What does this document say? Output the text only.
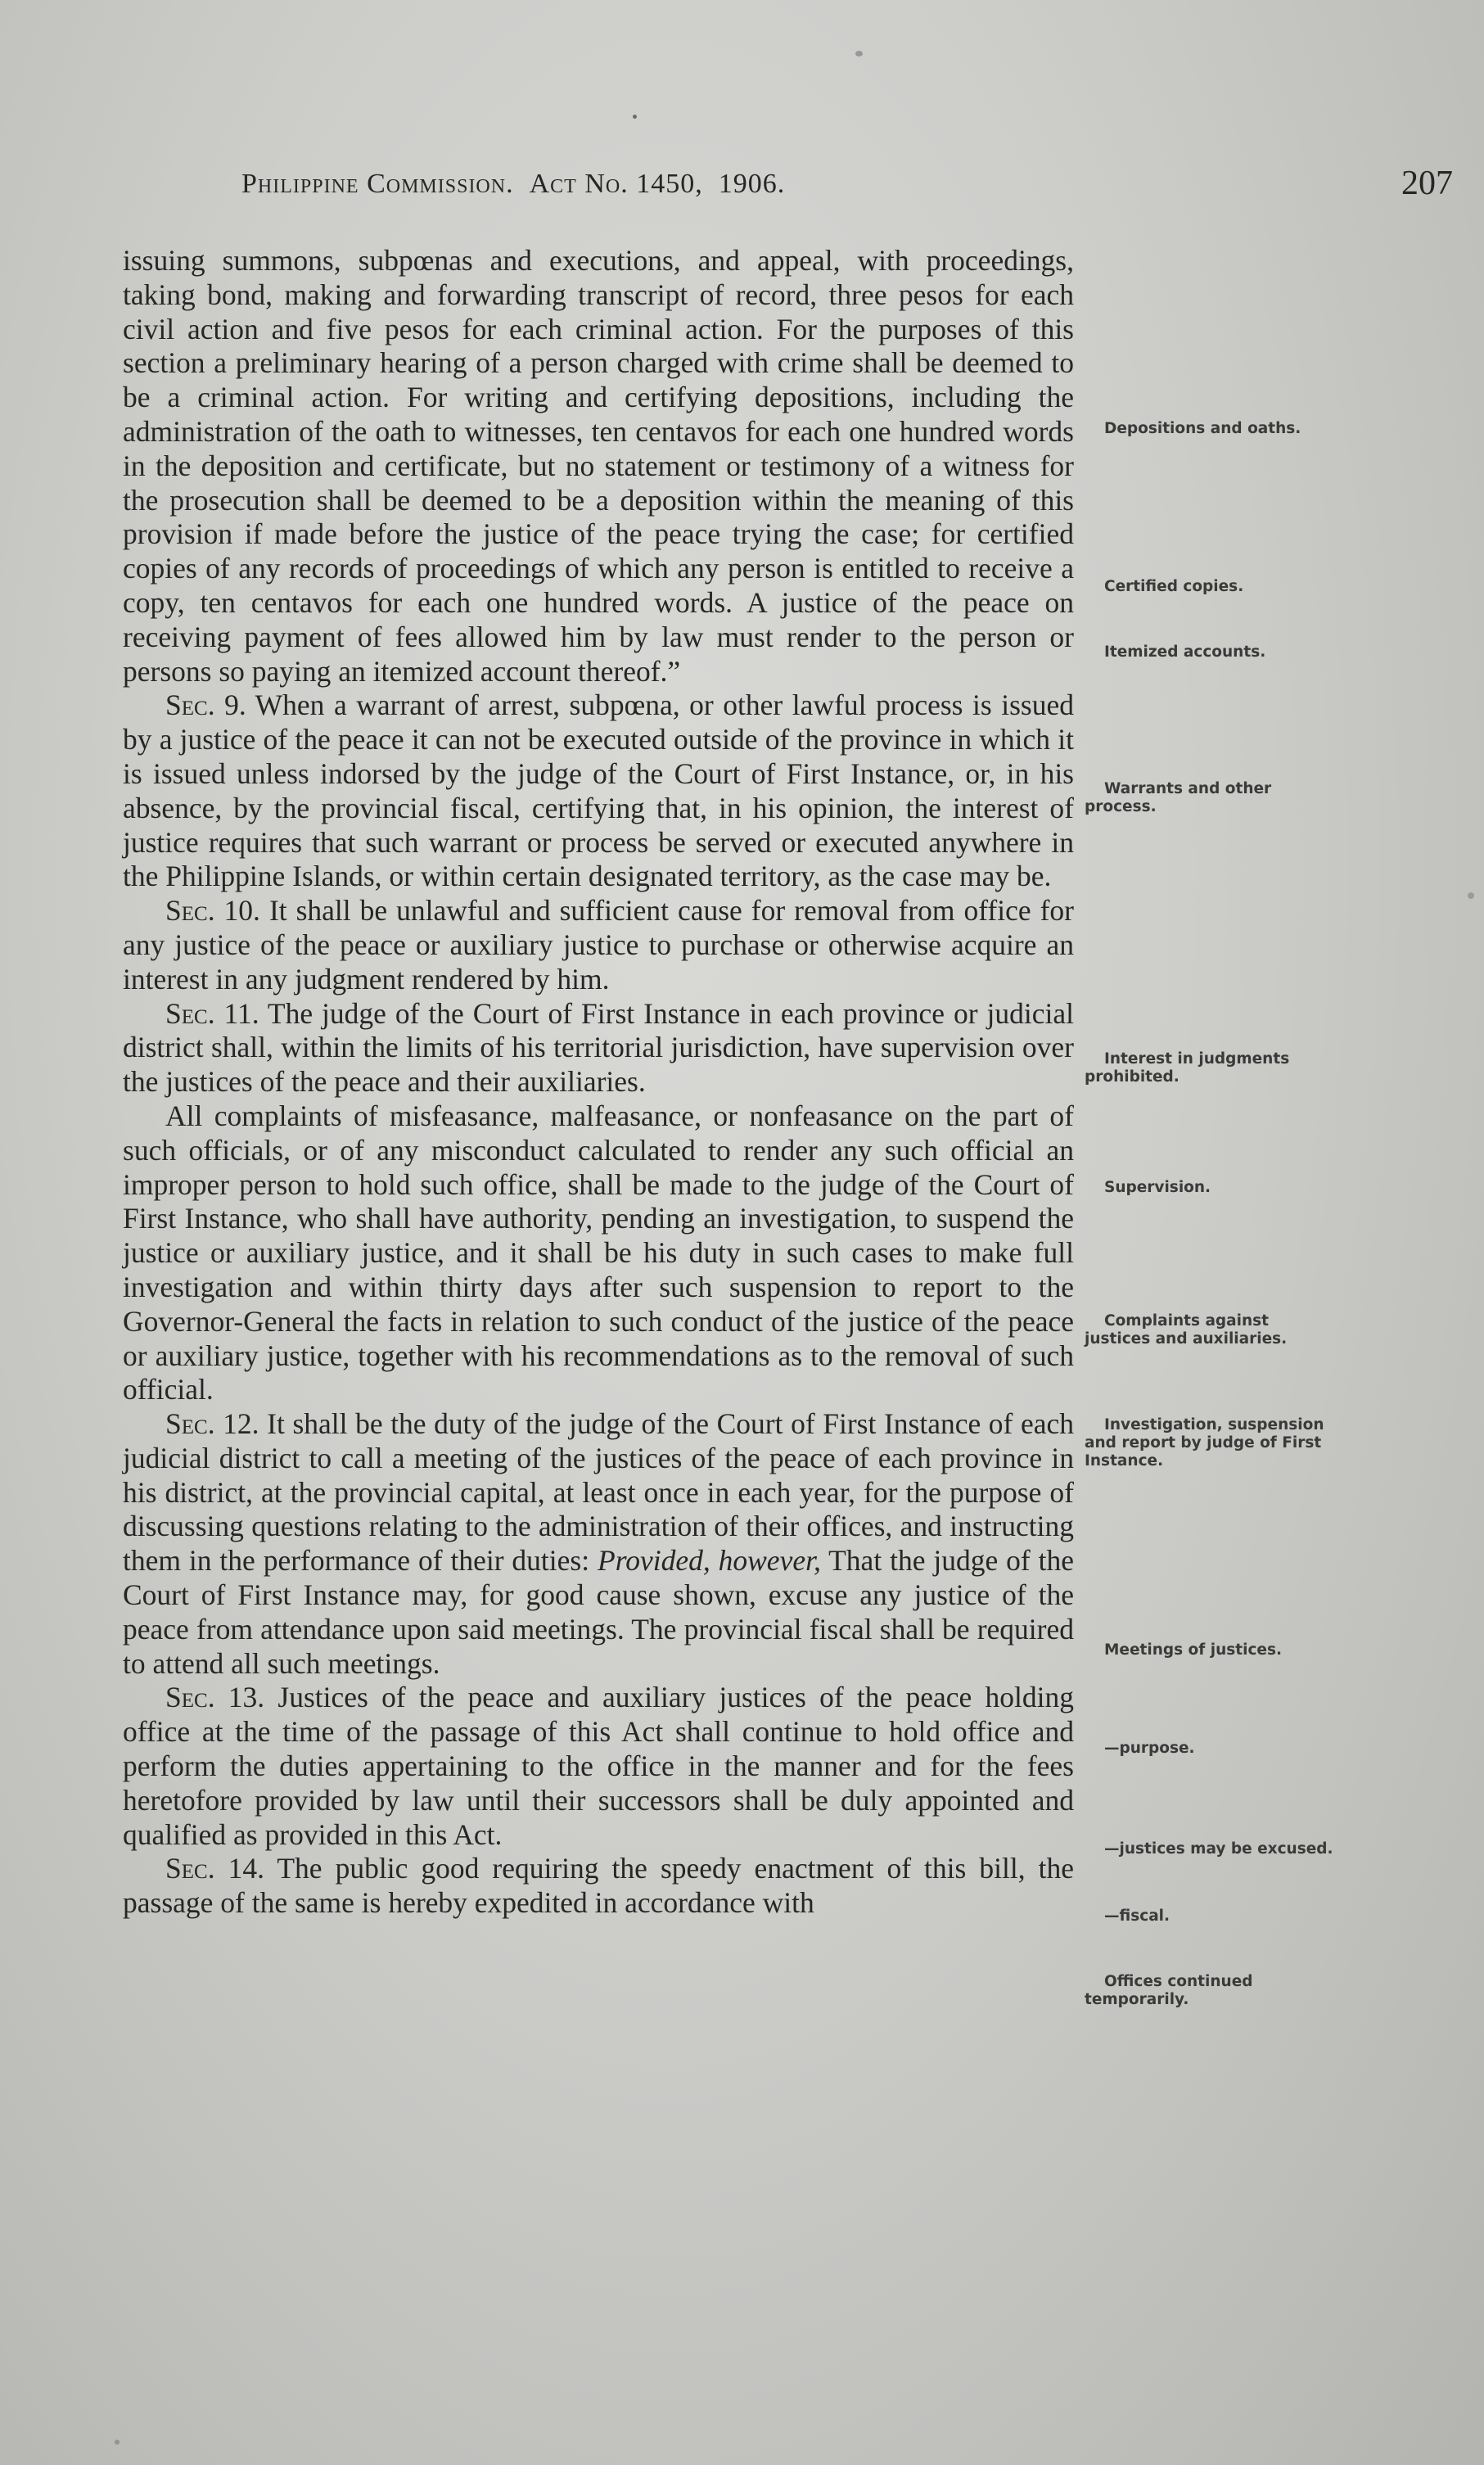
Philippine Commission. Act No. 1450, 1906.	207

issuing summons, subpœnas and executions, and appeal, with proceedings, taking bond, making and forwarding transcript of record, three pesos for each civil action and five pesos for each criminal action. For the purposes of this section a preliminary hearing of a person charged with crime shall be deemed to be a criminal action. For writing and certifying depositions, including the administration of the oath to witnesses, ten centavos for each one hundred words in the deposition and certificate, but no statement or testimony of a witness for the prosecution shall be deemed to be a deposition within the meaning of this provision if made before the justice of the peace trying the case; for certified copies of any records of proceedings of which any person is entitled to receive a copy, ten centavos for each one hundred words. A justice of the peace on receiving payment of fees allowed him by law must render to the person or persons so paying an itemized account thereof.”

Sec. 9. When a warrant of arrest, subpœna, or other lawful process is issued by a justice of the peace it can not be executed outside of the province in which it is issued unless indorsed by the judge of the Court of First Instance, or, in his absence, by the provincial fiscal, certifying that, in his opinion, the interest of justice requires that such warrant or process be served or executed anywhere in the Philippine Islands, or within certain designated territory, as the case may be.

Sec. 10. It shall be unlawful and sufficient cause for removal from office for any justice of the peace or auxiliary justice to purchase or otherwise acquire an interest in any judgment rendered by him.

Sec. 11. The judge of the Court of First Instance in each province or judicial district shall, within the limits of his territorial jurisdiction, have supervision over the justices of the peace and their auxiliaries.

All complaints of misfeasance, malfeasance, or nonfeasance on the part of such officials, or of any misconduct calculated to render any such official an improper person to hold such office, shall be made to the judge of the Court of First Instance, who shall have authority, pending an investigation, to suspend the justice or auxiliary justice, and it shall be his duty in such cases to make full investigation and within thirty days after such suspension to report to the Governor-General the facts in relation to such conduct of the justice of the peace or auxiliary justice, together with his recommendations as to the removal of such official.

Sec. 12. It shall be the duty of the judge of the Court of First Instance of each judicial district to call a meeting of the justices of the peace of each province in his district, at the provincial capital, at least once in each year, for the purpose of discussing questions relating to the administration of their offices, and instructing them in the performance of their duties: Provided, however, That the judge of the Court of First Instance may, for good cause shown, excuse any justice of the peace from attendance upon said meetings. The provincial fiscal shall be required to attend all such meetings.

Sec. 13. Justices of the peace and auxiliary justices of the peace holding office at the time of the passage of this Act shall continue to hold office and perform the duties appertaining to the office in the manner and for the fees heretofore provided by law until their successors shall be duly appointed and qualified as provided in this Act.

Sec. 14. The public good requiring the speedy enactment of this bill, the passage of the same is hereby expedited in accordance with

Depositions and oaths.
Certified copies.
Itemized accounts.
Warrants and other process.
Interest in judgments prohibited.
Supervision.
Complaints against justices and auxiliaries.
Investigation, suspension and report by judge of First Instance.
Meetings of justices.
—purpose.
—justices may be excused.
—fiscal.
Offices continued temporarily.
